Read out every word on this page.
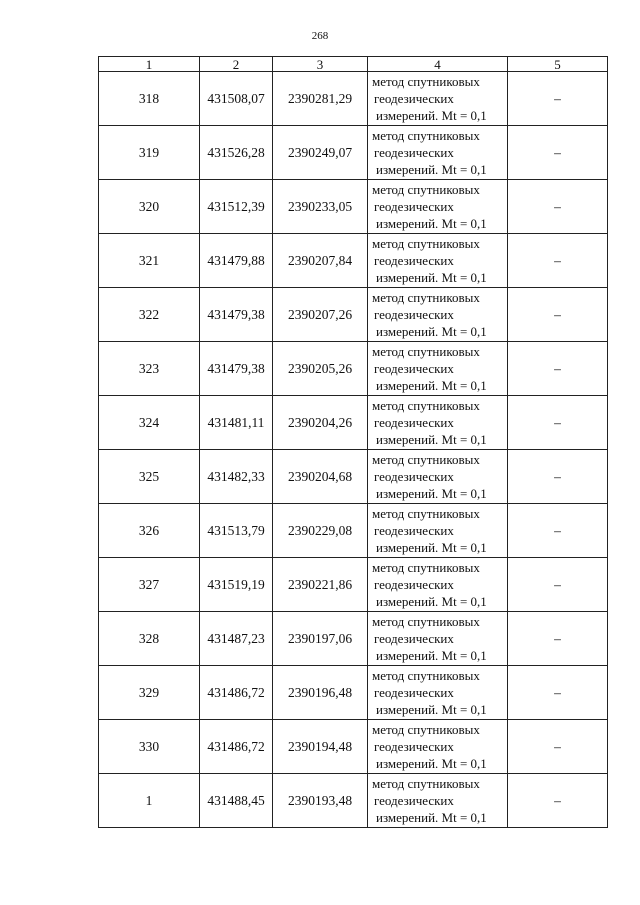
268
1	2	3	4	5
318	431508,07	2390281,29	метод спутниковых
геодезических
измерений. Mt = 0,1	–
319	431526,28	2390249,07	метод спутниковых
геодезических
измерений. Mt = 0,1	–
320	431512,39	2390233,05	метод спутниковых
геодезических
измерений. Mt = 0,1	–
321	431479,88	2390207,84	метод спутниковых
геодезических
измерений. Mt = 0,1	–
322	431479,38	2390207,26	метод спутниковых
геодезических
измерений. Mt = 0,1	–
323	431479,38	2390205,26	метод спутниковых
геодезических
измерений. Mt = 0,1	–
324	431481,11	2390204,26	метод спутниковых
геодезических
измерений. Mt = 0,1	–
325	431482,33	2390204,68	метод спутниковых
геодезических
измерений. Mt = 0,1	–
326	431513,79	2390229,08	метод спутниковых
геодезических
измерений. Mt = 0,1	–
327	431519,19	2390221,86	метод спутниковых
геодезических
измерений. Mt = 0,1	–
328	431487,23	2390197,06	метод спутниковых
геодезических
измерений. Mt = 0,1	–
329	431486,72	2390196,48	метод спутниковых
геодезических
измерений. Mt = 0,1	–
330	431486,72	2390194,48	метод спутниковых
геодезических
измерений. Mt = 0,1	–
1	431488,45	2390193,48	метод спутниковых
геодезических
измерений. Mt = 0,1	–
